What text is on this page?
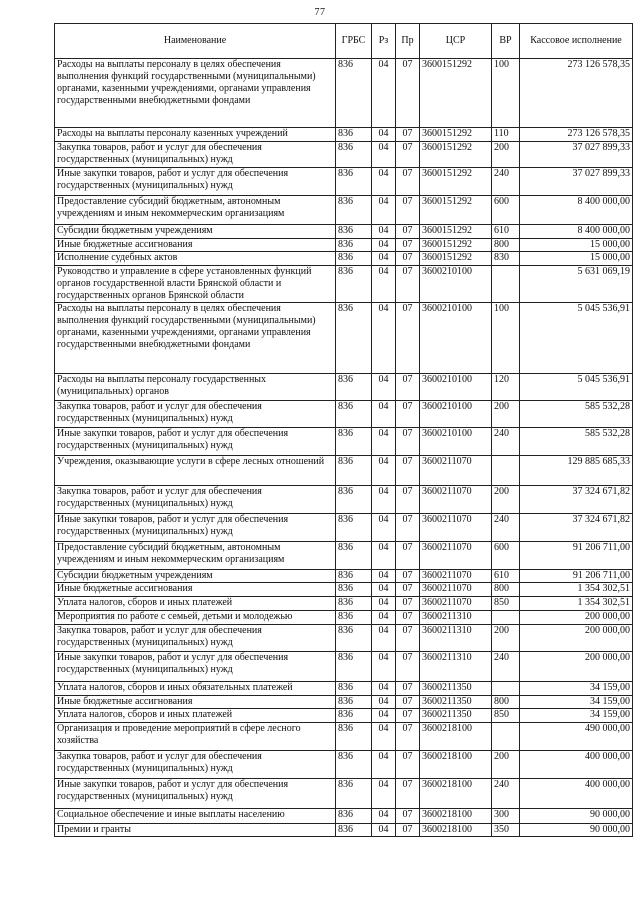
77
Наименование	ГРБС	Рз	Пр	ЦСР	ВР	Кассовое исполнение
Расходы на выплаты персоналу в целях обеспечения выполнения функций государственными (муниципальными) органами, казенными учреждениями, органами управления государственными внебюджетными фондами	836	04	07	3600151292	100	273 126 578,35
Расходы на выплаты персоналу казенных учреждений	836	04	07	3600151292	110	273 126 578,35
Закупка товаров, работ и услуг для обеспечения государственных (муниципальных) нужд	836	04	07	3600151292	200	37 027 899,33
Иные закупки товаров, работ и услуг для обеспечения государственных (муниципальных) нужд	836	04	07	3600151292	240	37 027 899,33
Предоставление субсидий бюджетным, автономным учреждениям и иным некоммерческим организациям	836	04	07	3600151292	600	8 400 000,00
Субсидии бюджетным учреждениям	836	04	07	3600151292	610	8 400 000,00
Иные бюджетные ассигнования	836	04	07	3600151292	800	15 000,00
Исполнение судебных актов	836	04	07	3600151292	830	15 000,00
Руководство и управление в сфере установленных функций органов государственной власти Брянской области и государственных органов Брянской области	836	04	07	3600210100		5 631 069,19
Расходы на выплаты персоналу в целях обеспечения выполнения функций государственными (муниципальными) органами, казенными учреждениями, органами управления государственными внебюджетными фондами	836	04	07	3600210100	100	5 045 536,91
Расходы на выплаты персоналу государственных (муниципальных) органов	836	04	07	3600210100	120	5 045 536,91
Закупка товаров, работ и услуг для обеспечения государственных (муниципальных) нужд	836	04	07	3600210100	200	585 532,28
Иные закупки товаров, работ и услуг для обеспечения государственных (муниципальных) нужд	836	04	07	3600210100	240	585 532,28
Учреждения, оказывающие услуги в сфере лесных отношений	836	04	07	3600211070		129 885 685,33
Закупка товаров, работ и услуг для обеспечения государственных (муниципальных) нужд	836	04	07	3600211070	200	37 324 671,82
Иные закупки товаров, работ и услуг для обеспечения государственных (муниципальных) нужд	836	04	07	3600211070	240	37 324 671,82
Предоставление субсидий бюджетным, автономным учреждениям и иным некоммерческим организациям	836	04	07	3600211070	600	91 206 711,00
Субсидии бюджетным учреждениям	836	04	07	3600211070	610	91 206 711,00
Иные бюджетные ассигнования	836	04	07	3600211070	800	1 354 302,51
Уплата налогов, сборов и иных платежей	836	04	07	3600211070	850	1 354 302,51
Мероприятия по работе с семьей, детьми и молодежью	836	04	07	3600211310		200 000,00
Закупка товаров, работ и услуг для обеспечения государственных (муниципальных) нужд	836	04	07	3600211310	200	200 000,00
Иные закупки товаров, работ и услуг для обеспечения государственных (муниципальных) нужд	836	04	07	3600211310	240	200 000,00
Уплата налогов, сборов и иных обязательных платежей	836	04	07	3600211350		34 159,00
Иные бюджетные ассигнования	836	04	07	3600211350	800	34 159,00
Уплата налогов, сборов и иных платежей	836	04	07	3600211350	850	34 159,00
Организация и проведение мероприятий в сфере лесного хозяйства	836	04	07	3600218100		490 000,00
Закупка товаров, работ и услуг для обеспечения государственных (муниципальных) нужд	836	04	07	3600218100	200	400 000,00
Иные закупки товаров, работ и услуг для обеспечения государственных (муниципальных) нужд	836	04	07	3600218100	240	400 000,00
Социальное обеспечение и иные выплаты населению	836	04	07	3600218100	300	90 000,00
Премии и гранты	836	04	07	3600218100	350	90 000,00
